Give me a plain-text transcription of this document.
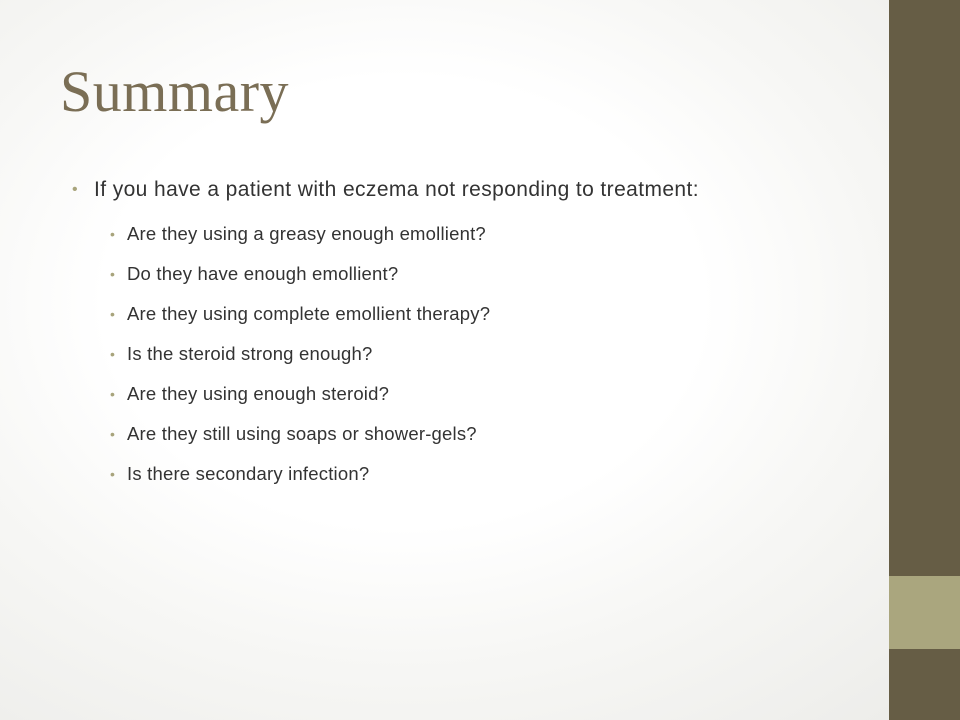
Summary
• If you have a patient with eczema not responding to treatment:
• Are they using a greasy enough emollient?
• Do they have enough emollient?
• Are they using complete emollient therapy?
• Is the steroid strong enough?
• Are they using enough steroid?
• Are they still using soaps or shower-gels?
• Is there secondary infection?
